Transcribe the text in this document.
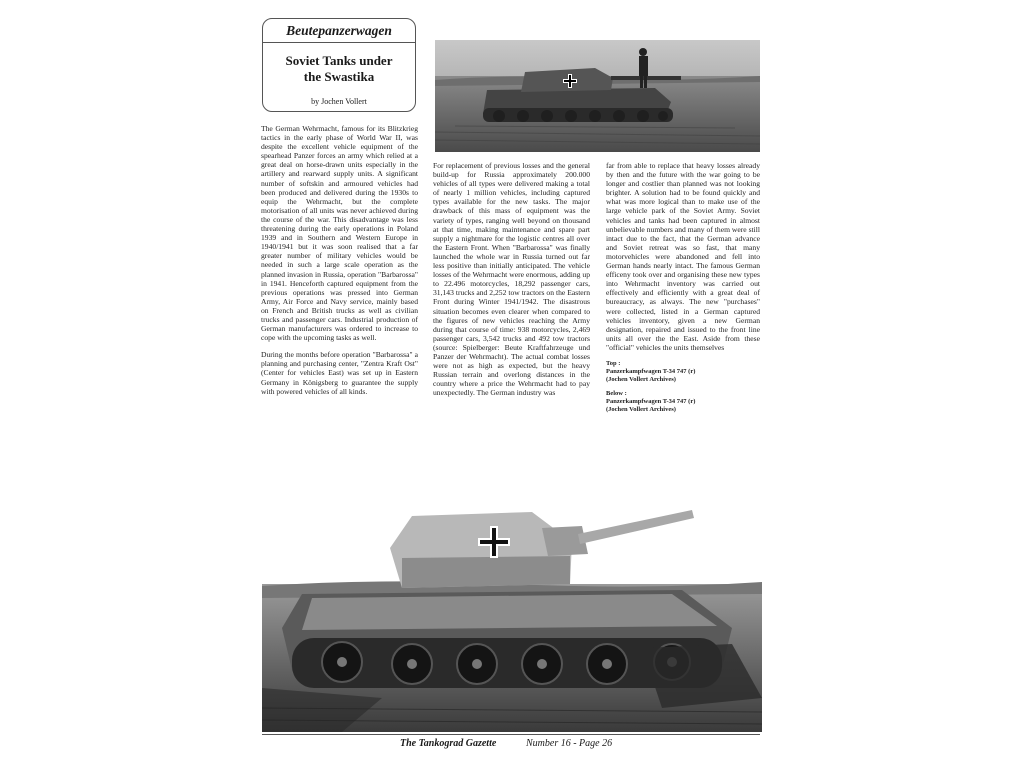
Beutepanzerwagen
Soviet Tanks under
the Swastika
by Jochen Vollert

The German Wehrmacht, famous for its Blitzkrieg tactics in the early phase of World War II, was despite the excellent vehicle equipment of the spearhead Panzer forces an army which relied at a great deal on horse-drawn units especially in the artillery and rearward supply units. A significant number of softskin and armoured vehicles had been produced and delivered during the 1930s to equip the Wehrmacht, but the complete motorisation of all units was never achieved during the course of the war. This disadvantage was less threatening during the early operations in Poland 1939 and in Southern and Western Europe in 1940/1941 but it was soon realised that a far greater number of military vehicles would be needed in such a large scale operation as the planned invasion in Russia, operation "Barbarossa" in 1941. Henceforth captured equipment from the previous operations was pressed into German Army, Air Force and Navy service, mainly based on French and British trucks as well as civilian trucks and passenger cars. Industrial production of German manufacturers was ordered to increase to cope with the upcoming tasks as well.

During the months before operation "Barbarossa" a planning and purchasing center, "Zentra Kraft Ost" (Center for vehicles East) was set up in Eastern Germany in Königsberg to guarantee the supply with powered vehicles of all kinds.

For replacement of previous losses and the general build-up for Russia approximately 200.000 vehicles of all types were delivered making a total of nearly 1 million vehicles, including captured types available for the new tasks. The major drawback of this mass of equipment was the variety of types, ranging well beyond on thousand at that time, making maintenance and spare part supply a nightmare for the logistic centres all over the Eastern Front. When "Barbarossa" was finally launched the whole war in Russia turned out far less positive than initially anticipated. The vehicle losses of the Wehrmacht were enormous, adding up to 22.496 motorcycles, 18,292 passenger cars, 31,143 trucks and 2,252 tow tractors on the Eastern Front during Winter 1941/1942. The disastrous situation becomes even clearer when compared to the figures of new vehicles reaching the Army during that course of time: 938 motorcycles, 2,469 passenger cars, 3,542 trucks and 492 tow tractors (source: Spielberger: Beute Kraftfahrzeuge und Panzer der Wehrmacht). The actual combat losses were not as high as expected, but the heavy Russian terrain and overlong distances in the country where a price the Wehrmacht had to pay unexpectedly. The German industry was

far from able to replace that heavy losses already by then and the future with the war going to be longer and costlier than planned was not looking brighter. A solution had to be found quickly and what was more logical than to make use of the large vehicle park of the Soviet Army. Soviet vehicles and tanks had been captured in almost unbelievable numbers and many of them were still intact due to the fact, that the German advance and Soviet retreat was so fast, that many motorvehicles were abandoned and fell into German hands nearly intact. The famous German efficeny took over and organising these new types into Wehrmacht inventory was carried out effectively and efficiently with a great deal of bureaucracy, as always. The new "purchases" were collected, listed in a German captured vehicles inventory, given a new German designation, repaired and issued to the front line units all over the the East. Aside from these "official" vehicles the units themselves

Top :
Panzerkampfwagen T-34 747 (r)
(Jochen Vollert Archives)
Below :
Panzerkampfwagen T-34 747 (r)
(Jochen Vollert Archives)
The Tankograd Gazette	Number 16 - Page 26
